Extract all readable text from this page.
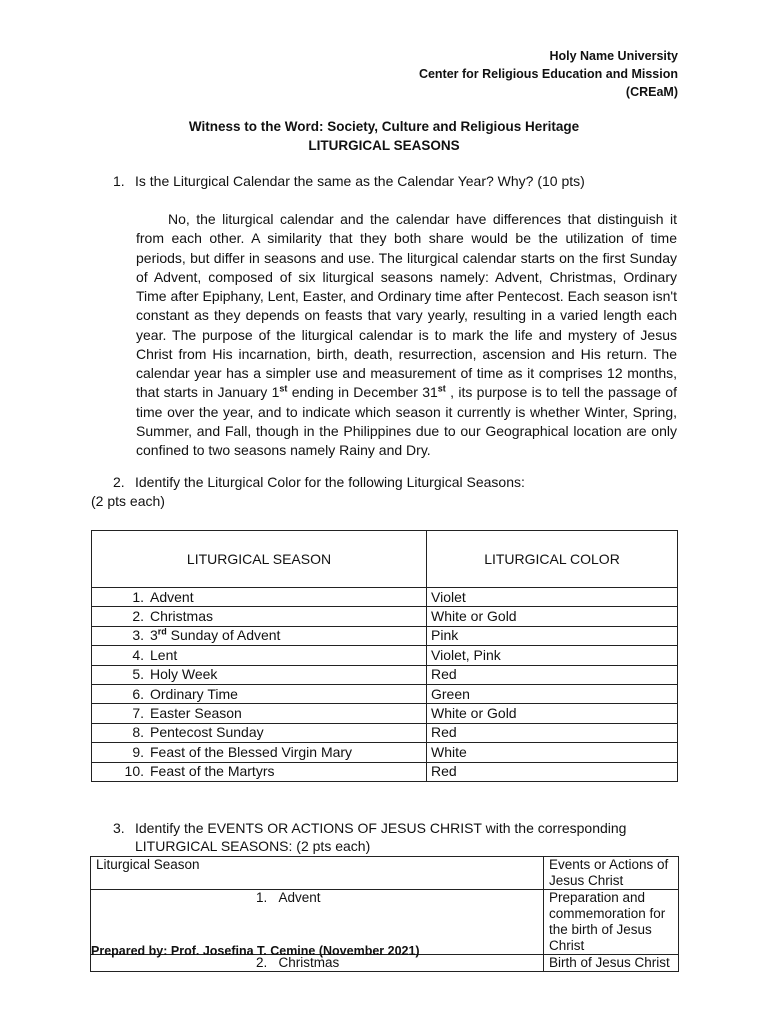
Holy Name University
Center for Religious Education and Mission
(CREaM)
Witness to the Word: Society, Culture and Religious Heritage
LITURGICAL SEASONS
1. Is the Liturgical Calendar the same as the Calendar Year? Why? (10 pts)

No, the liturgical calendar and the calendar have differences that distinguish it from each other. A similarity that they both share would be the utilization of time periods, but differ in seasons and use. The liturgical calendar starts on the first Sunday of Advent, composed of six liturgical seasons namely: Advent, Christmas, Ordinary Time after Epiphany, Lent, Easter, and Ordinary time after Pentecost. Each season isn't constant as they depends on feasts that vary yearly, resulting in a varied length each year. The purpose of the liturgical calendar is to mark the life and mystery of Jesus Christ from His incarnation, birth, death, resurrection, ascension and His return. The calendar year has a simpler use and measurement of time as it comprises 12 months, that starts in January 1st ending in December 31st , its purpose is to tell the passage of time over the year, and to indicate which season it currently is whether Winter, Spring, Summer, and Fall, though in the Philippines due to our Geographical location are only confined to two seasons namely Rainy and Dry.

2. Identify the Liturgical Color for the following Liturgical Seasons:
(2 pts each)
LITURGICAL SEASON	LITURGICAL COLOR
1. Advent	Violet
2. Christmas	White or Gold
3. 3rd Sunday of Advent	Pink
4. Lent	Violet, Pink
5. Holy Week	Red
6. Ordinary Time	Green
7. Easter Season	White or Gold
8. Pentecost Sunday	Red
9. Feast of the Blessed Virgin Mary	White
10. Feast of the Martyrs	Red
3. Identify the EVENTS OR ACTIONS OF JESUS CHRIST with the corresponding
LITURGICAL SEASONS: (2 pts each)
Liturgical Season	Events or Actions of Jesus Christ
1. Advent	Preparation and commemoration for the birth of Jesus Christ
2. Christmas	Birth of Jesus Christ
Prepared by: Prof. Josefina T. Cemine (November 2021)
